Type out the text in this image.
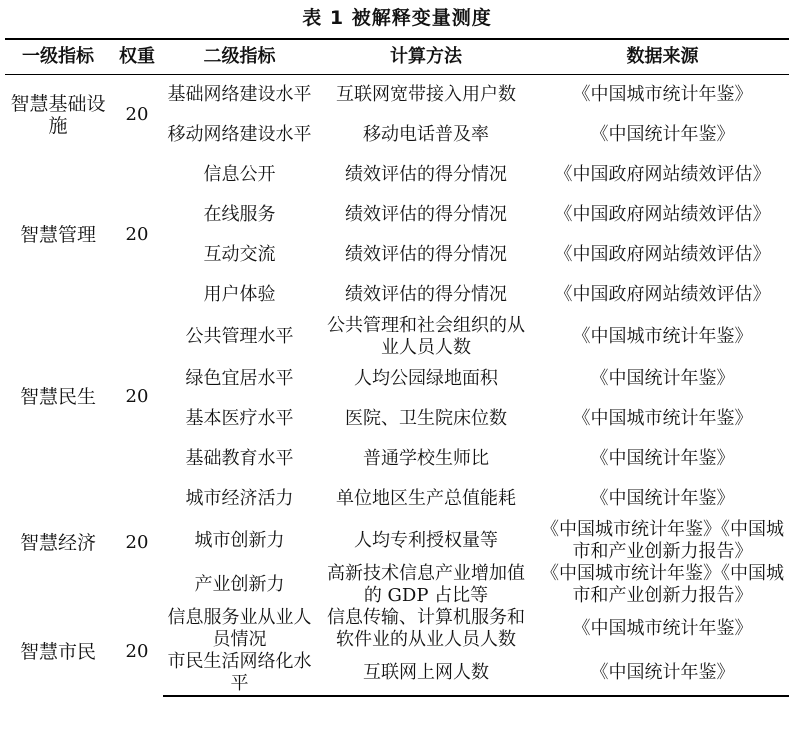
表 1 被解释变量测度
一级指标	权重	二级指标	计算方法	数据来源
智慧基础设施	20	基础网络建设水平	互联网宽带接入用户数	《中国城市统计年鉴》
		移动网络建设水平	移动电话普及率	《中国统计年鉴》
智慧管理	20	信息公开	绩效评估的得分情况	《中国政府网站绩效评估》
		在线服务	绩效评估的得分情况	《中国政府网站绩效评估》
		互动交流	绩效评估的得分情况	《中国政府网站绩效评估》
		用户体验	绩效评估的得分情况	《中国政府网站绩效评估》
智慧民生	20	公共管理水平	公共管理和社会组织的从业人员人数	《中国城市统计年鉴》
		绿色宜居水平	人均公园绿地面积	《中国统计年鉴》
		基本医疗水平	医院、卫生院床位数	《中国城市统计年鉴》
		基础教育水平	普通学校生师比	《中国统计年鉴》
智慧经济	20	城市经济活力	单位地区生产总值能耗	《中国统计年鉴》
		城市创新力	人均专利授权量等	《中国城市统计年鉴》《中国城市和产业创新力报告》
		产业创新力	高新技术信息产业增加值的 GDP 占比等	《中国城市统计年鉴》《中国城市和产业创新力报告》
智慧市民	20	信息服务业从业人员情况	信息传输、计算机服务和软件业的从业人员人数	《中国城市统计年鉴》
		市民生活网络化水平	互联网上网人数	《中国统计年鉴》
